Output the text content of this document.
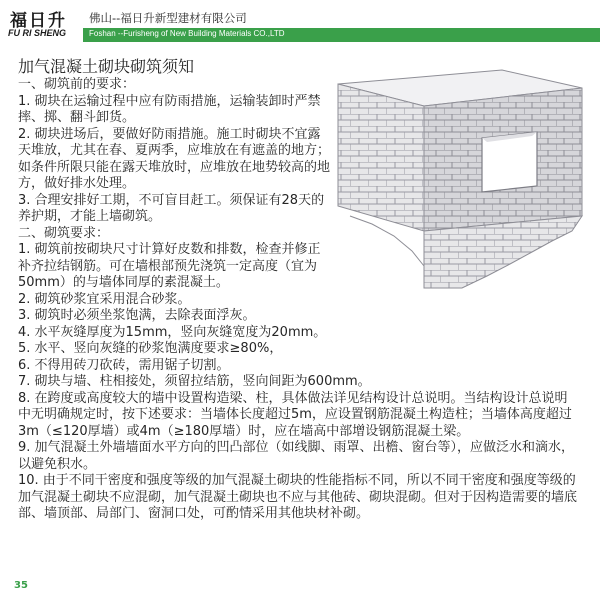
福日升
FU RI SHENG
佛山--福日升新型建材有限公司
Foshan --Furisheng of New Building Materials CO.,LTD
加气混凝土砌块砌筑须知

一、砌筑前的要求：

1. 砌块在运输过程中应有防雨措施，运输装卸时严禁摔、掷、翻斗卸货。

2. 砌块进场后，要做好防雨措施。施工时砌块不宜露天堆放，尤其在春、夏两季，应堆放在有遮盖的地方；如条件所限只能在露天堆放时，应堆放在地势较高的地方，做好排水处理。

3. 合理安排好工期，不可盲目赶工。须保证有28天的养护期，才能上墙砌筑。

二、砌筑要求：

1. 砌筑前按砌块尺寸计算好皮数和排数，检查并修正补齐拉结钢筋。可在墙根部预先浇筑一定高度（宜为50mm）的与墙体同厚的素混凝土。

2. 砌筑砂浆宜采用混合砂浆。

3. 砌筑时必须坐浆饱满，去除表面浮灰。

4. 水平灰缝厚度为15mm，竖向灰缝宽度为20mm。

5. 水平、竖向灰缝的砂浆饱满度要求≥80%，

6. 不得用砖刀砍砖，需用锯子切割。

7. 砌块与墙、柱相接处，须留拉结筋，竖向间距为600mm。

8. 在跨度或高度较大的墙中设置构造梁、柱，具体做法详见结构设计总说明。当结构设计总说明中无明确规定时，按下述要求：当墙体长度超过5m，应设置钢筋混凝土构造柱；当墙体高度超过3m（≤120厚墙）或4m（≥180厚墙）时，应在墙高中部增设钢筋混凝土梁。

9. 加气混凝土外墙墙面水平方向的凹凸部位（如线脚、雨罩、出檐、窗台等），应做泛水和滴水，以避免积水。

10. 由于不同干密度和强度等级的加气混凝土砌块的性能指标不同，所以不同干密度和强度等级的加气混凝土砌块不应混砌，加气混凝土砌块也不应与其他砖、砌块混砌。但对于因构造需要的墙底部、墙顶部、局部门、窗洞口处，可酌情采用其他块材补砌。

35
